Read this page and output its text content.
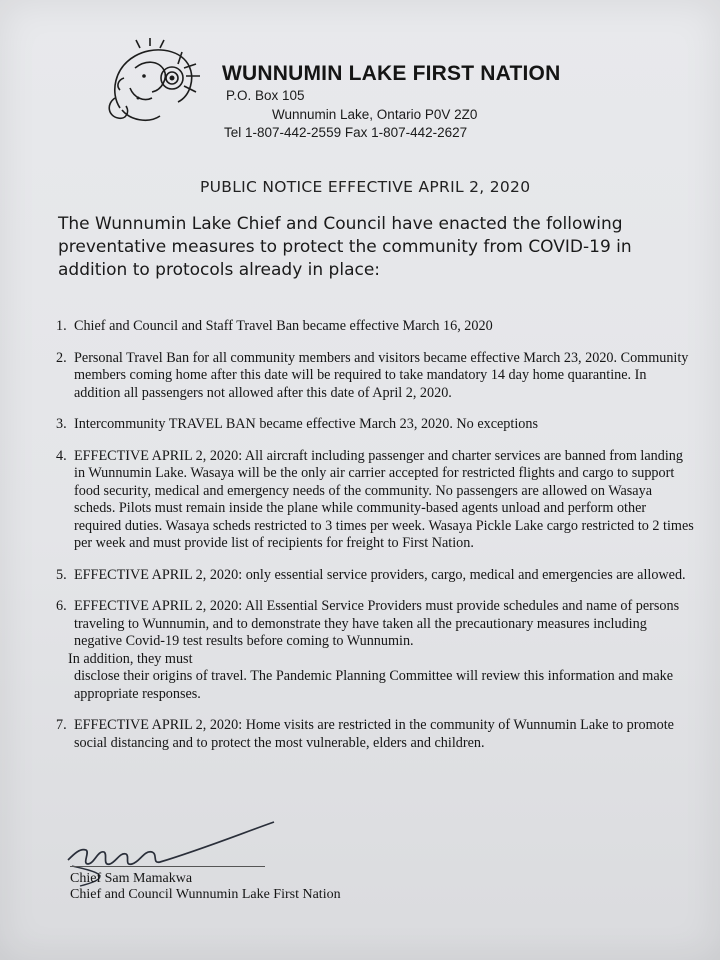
WUNNUMIN LAKE FIRST NATION
P.O. Box 105
Wunnumin Lake, Ontario P0V 2Z0
Tel 1-807-442-2559 Fax 1-807-442-2627
PUBLIC NOTICE EFFECTIVE APRIL 2, 2020
The Wunnumin Lake Chief and Council have enacted the following preventative measures to protect the community from COVID-19 in addition to protocols already in place:
1. Chief and Council and Staff Travel Ban became effective March 16, 2020
2. Personal Travel Ban for all community members and visitors became effective March 23, 2020. Community members coming home after this date will be required to take mandatory 14 day home quarantine. In addition all passengers not allowed after this date of April 2, 2020.
3. Intercommunity TRAVEL BAN became effective March 23, 2020. No exceptions
4. EFFECTIVE APRIL 2, 2020: All aircraft including passenger and charter services are banned from landing in Wunnumin Lake. Wasaya will be the only air carrier accepted for restricted flights and cargo to support food security, medical and emergency needs of the community. No passengers are allowed on Wasaya scheds. Pilots must remain inside the plane while community-based agents unload and perform other required duties. Wasaya scheds restricted to 3 times per week. Wasaya Pickle Lake cargo restricted to 2 times per week and must provide list of recipients for freight to First Nation.
5. EFFECTIVE APRIL 2, 2020: only essential service providers, cargo, medical and emergencies are allowed.
6. EFFECTIVE APRIL 2, 2020: All Essential Service Providers must provide schedules and name of persons traveling to Wunnumin, and to demonstrate they have taken all the precautionary measures including negative Covid-19 test results before coming to Wunnumin.
In addition, they must
disclose their origins of travel. The Pandemic Planning Committee will review this information and make appropriate responses.
7. EFFECTIVE APRIL 2, 2020: Home visits are restricted in the community of Wunnumin Lake to promote social distancing and to protect the most vulnerable, elders and children.
Chief Sam Mamakwa
Chief and Council Wunnumin Lake First Nation
